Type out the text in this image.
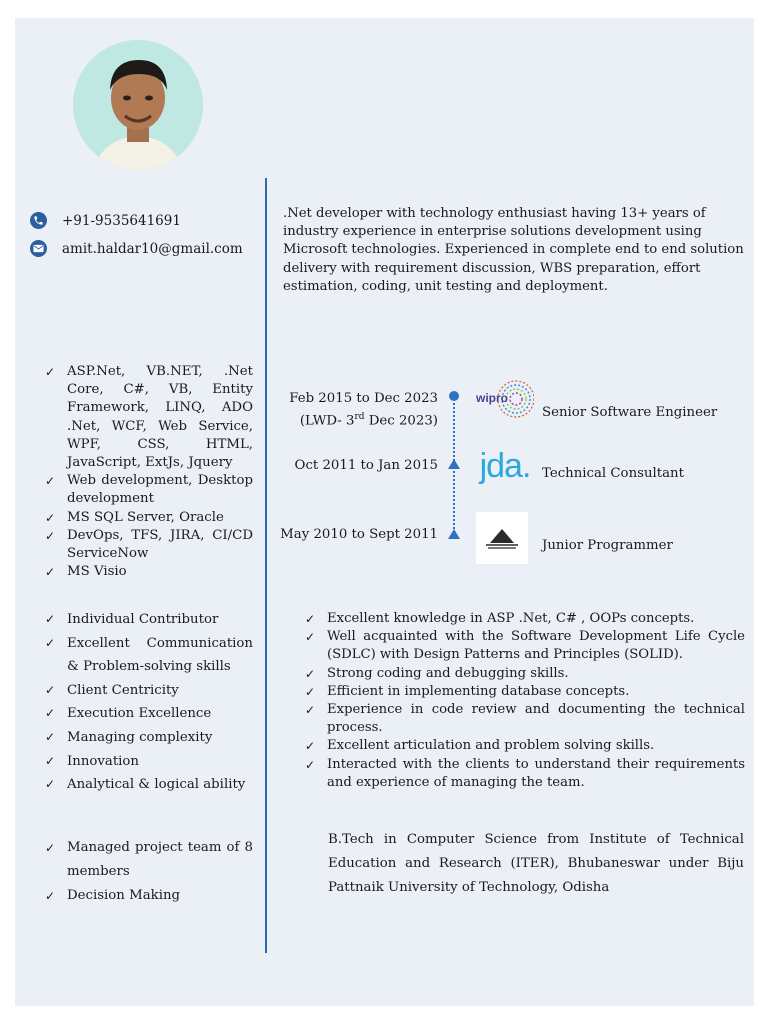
+91-9535641691
amit.haldar10@gmail.com
.Net developer with technology enthusiast having 13+ years of industry experience in enterprise solutions development using Microsoft technologies. Experienced in complete end to end solution delivery with requirement discussion, WBS preparation, effort estimation, coding, unit testing and deployment.
✓ ASP.Net, VB.NET, .Net Core, C#, VB, Entity Framework, LINQ, ADO .Net, WCF, Web Service, WPF, CSS, HTML, JavaScript, ExtJs, Jquery
✓ Web development, Desktop development
✓ MS SQL Server, Oracle
✓ DevOps, TFS, JIRA, CI/CD ServiceNow
✓ MS Visio
Feb 2015 to Dec 2023
(LWD- 3rd Dec 2023)
Oct 2011 to Jan 2015
May 2010 to Sept 2011
wipro
Senior Software Engineer
jda. Technical Consultant
Junior Programmer
✓ Individual Contributor
✓ Excellent Communication & Problem-solving skills
✓ Client Centricity
✓ Execution Excellence
✓ Managing complexity
✓ Innovation
✓ Analytical & logical ability
✓ Managed project team of 8 members
✓ Decision Making
✓ Excellent knowledge in ASP .Net, C# , OOPs concepts.
✓ Well acquainted with the Software Development Life Cycle (SDLC) with Design Patterns and Principles (SOLID).
✓ Strong coding and debugging skills.
✓ Efficient in implementing database concepts.
✓ Experience in code review and documenting the technical process.
✓ Excellent articulation and problem solving skills.
✓ Interacted with the clients to understand their requirements and experience of managing the team.
B.Tech in Computer Science from Institute of Technical Education and Research (ITER), Bhubaneswar under Biju Pattnaik University of Technology, Odisha
